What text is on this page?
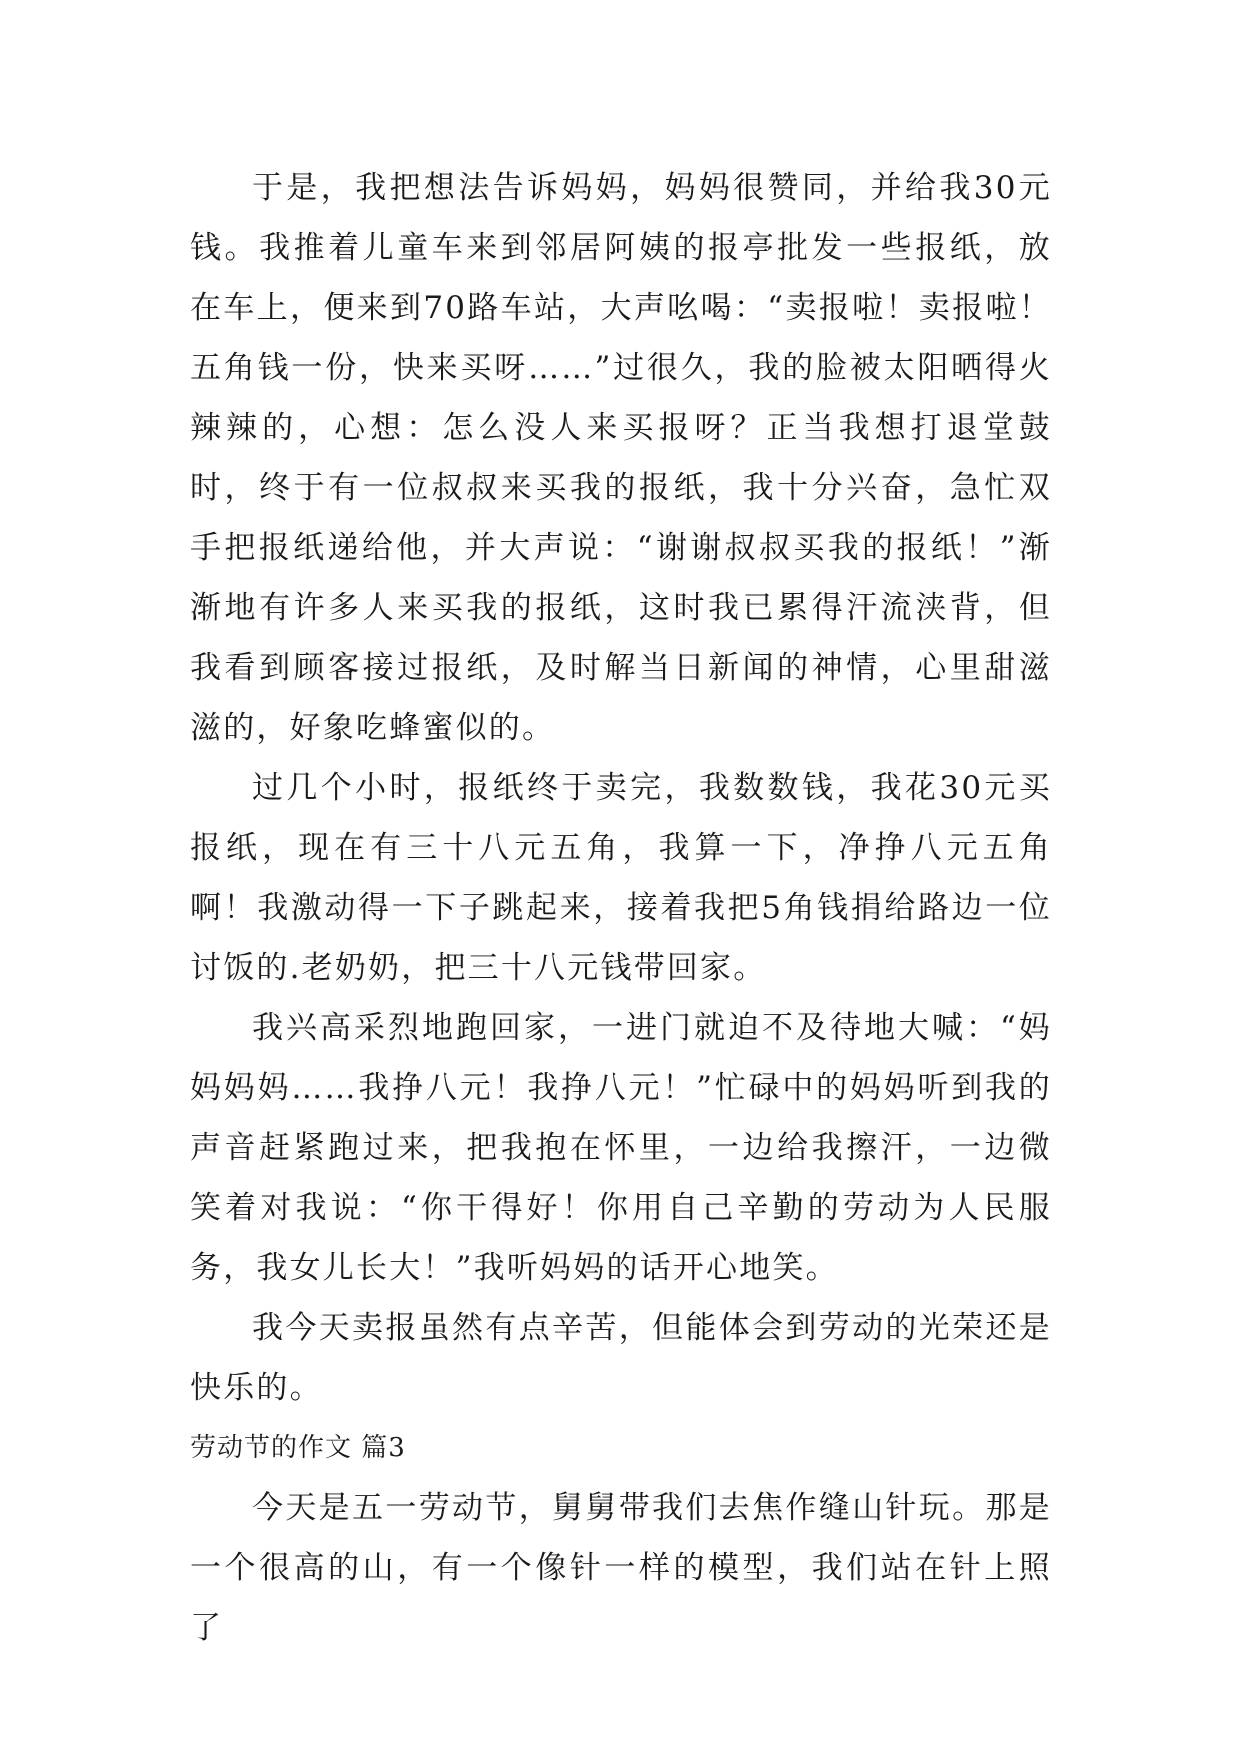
于是，我把想法告诉妈妈，妈妈很赞同，并给我30元钱。我推着儿童车来到邻居阿姨的报亭批发一些报纸，放在车上，便来到70路车站，大声吆喝：“卖报啦！卖报啦！五角钱一份，快来买呀……”过很久，我的脸被太阳晒得火辣辣的，心想：怎么没人来买报呀？正当我想打退堂鼓时，终于有一位叔叔来买我的报纸，我十分兴奋，急忙双手把报纸递给他，并大声说：“谢谢叔叔买我的报纸！”渐渐地有许多人来买我的报纸，这时我已累得汗流浃背，但我看到顾客接过报纸，及时解当日新闻的神情，心里甜滋滋的，好象吃蜂蜜似的。

过几个小时，报纸终于卖完，我数数钱，我花30元买报纸，现在有三十八元五角，我算一下，净挣八元五角啊！我激动得一下子跳起来，接着我把5角钱捐给路边一位讨饭的.老奶奶，把三十八元钱带回家。

我兴高采烈地跑回家，一进门就迫不及待地大喊：“妈妈妈妈……我挣八元！我挣八元！”忙碌中的妈妈听到我的声音赶紧跑过来，把我抱在怀里，一边给我擦汗，一边微笑着对我说：“你干得好！你用自己辛勤的劳动为人民服务，我女儿长大！”我听妈妈的话开心地笑。

我今天卖报虽然有点辛苦，但能体会到劳动的光荣还是快乐的。

劳动节的作文 篇3

今天是五一劳动节，舅舅带我们去焦作缝山针玩。那是一个很高的山，有一个像针一样的模型，我们站在针上照了
